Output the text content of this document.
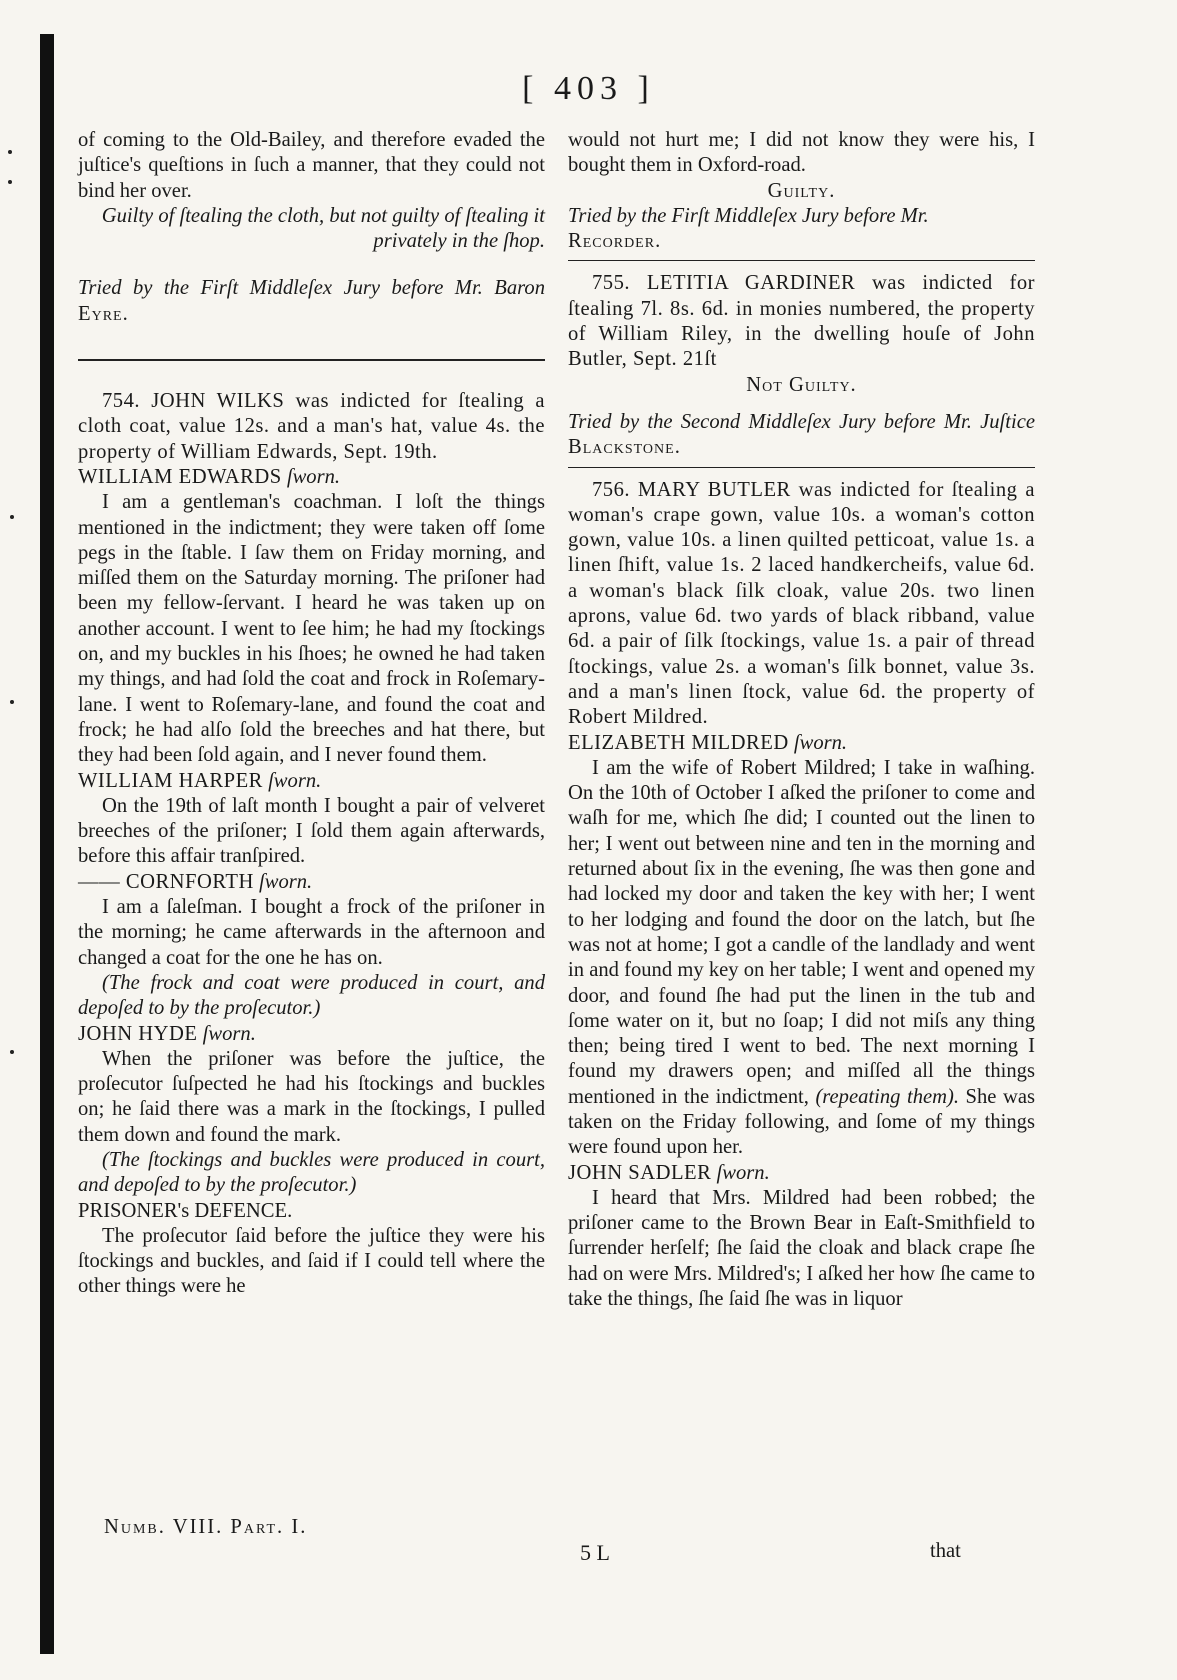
[ 403 ]

of coming to the Old-Bailey, and therefore evaded the juſtice's queſtions in ſuch a manner, that they could not bind her over.

Guilty of ſtealing the cloth, but not guilty of ſtealing it privately in the ſhop.

Tried by the Firſt Middleſex Jury before Mr. Baron Eyre.

754. JOHN WILKS was indicted for ſtealing a cloth coat, value 12s. and a man's hat, value 4s. the property of William Edwards, Sept. 19th.

WILLIAM EDWARDS ſworn.

I am a gentleman's coachman. I loſt the things mentioned in the indictment; they were taken off ſome pegs in the ſtable. I ſaw them on Friday morning, and miſſed them on the Saturday morning. The priſoner had been my fellow-ſervant. I heard he was taken up on another account. I went to ſee him; he had my ſtockings on, and my buckles in his ſhoes; he owned he had taken my things, and had ſold the coat and frock in Roſemary-lane. I went to Roſemary-lane, and found the coat and frock; he had alſo ſold the breeches and hat there, but they had been ſold again, and I never found them.

WILLIAM HARPER ſworn.

On the 19th of laſt month I bought a pair of velveret breeches of the priſoner; I ſold them again afterwards, before this affair tranſpired.

—— CORNFORTH ſworn.

I am a ſaleſman. I bought a frock of the priſoner in the morning; he came afterwards in the afternoon and changed a coat for the one he has on.

(The frock and coat were produced in court, and depoſed to by the proſecutor.)

JOHN HYDE ſworn.

When the priſoner was before the juſtice, the proſecutor ſuſpected he had his ſtockings and buckles on; he ſaid there was a mark in the ſtockings, I pulled them down and found the mark.

(The ſtockings and buckles were produced in court, and depoſed to by the proſecutor.)

PRISONER's DEFENCE.

The proſecutor ſaid before the juſtice they were his ſtockings and buckles, and ſaid if I could tell where the other things were he

would not hurt me; I did not know they were his, I bought them in Oxford-road.

Guilty.

Tried by the Firſt Middleſex Jury before Mr.
Recorder.

755. LETITIA GARDINER was indicted for ſtealing 7l. 8s. 6d. in monies numbered, the property of William Riley, in the dwelling houſe of John Butler, Sept. 21ſt

Not Guilty.

Tried by the Second Middleſex Jury before Mr. Juſtice Blackstone.

756. MARY BUTLER was indicted for ſtealing a woman's crape gown, value 10s. a woman's cotton gown, value 10s. a linen quilted petticoat, value 1s. a linen ſhift, value 1s. 2 laced handkercheifs, value 6d. a woman's black ſilk cloak, value 20s. two linen aprons, value 6d. two yards of black ribband, value 6d. a pair of ſilk ſtockings, value 1s. a pair of thread ſtockings, value 2s. a woman's ſilk bonnet, value 3s. and a man's linen ſtock, value 6d. the property of Robert Mildred.

ELIZABETH MILDRED ſworn.

I am the wife of Robert Mildred; I take in waſhing. On the 10th of October I aſked the priſoner to come and waſh for me, which ſhe did; I counted out the linen to her; I went out between nine and ten in the morning and returned about ſix in the evening, ſhe was then gone and had locked my door and taken the key with her; I went to her lodging and found the door on the latch, but ſhe was not at home; I got a candle of the landlady and went in and found my key on her table; I went and opened my door, and found ſhe had put the linen in the tub and ſome water on it, but no ſoap; I did not miſs any thing then; being tired I went to bed. The next morning I found my drawers open; and miſſed all the things mentioned in the indictment, (repeating them). She was taken on the Friday following, and ſome of my things were found upon her.

JOHN SADLER ſworn.

I heard that Mrs. Mildred had been robbed; the priſoner came to the Brown Bear in Eaſt-Smithfield to ſurrender herſelf; ſhe ſaid the cloak and black crape ſhe had on were Mrs. Mildred's; I aſked her how ſhe came to take the things, ſhe ſaid ſhe was in liquor

Numb. VIII. Part. I.
5 L	that
